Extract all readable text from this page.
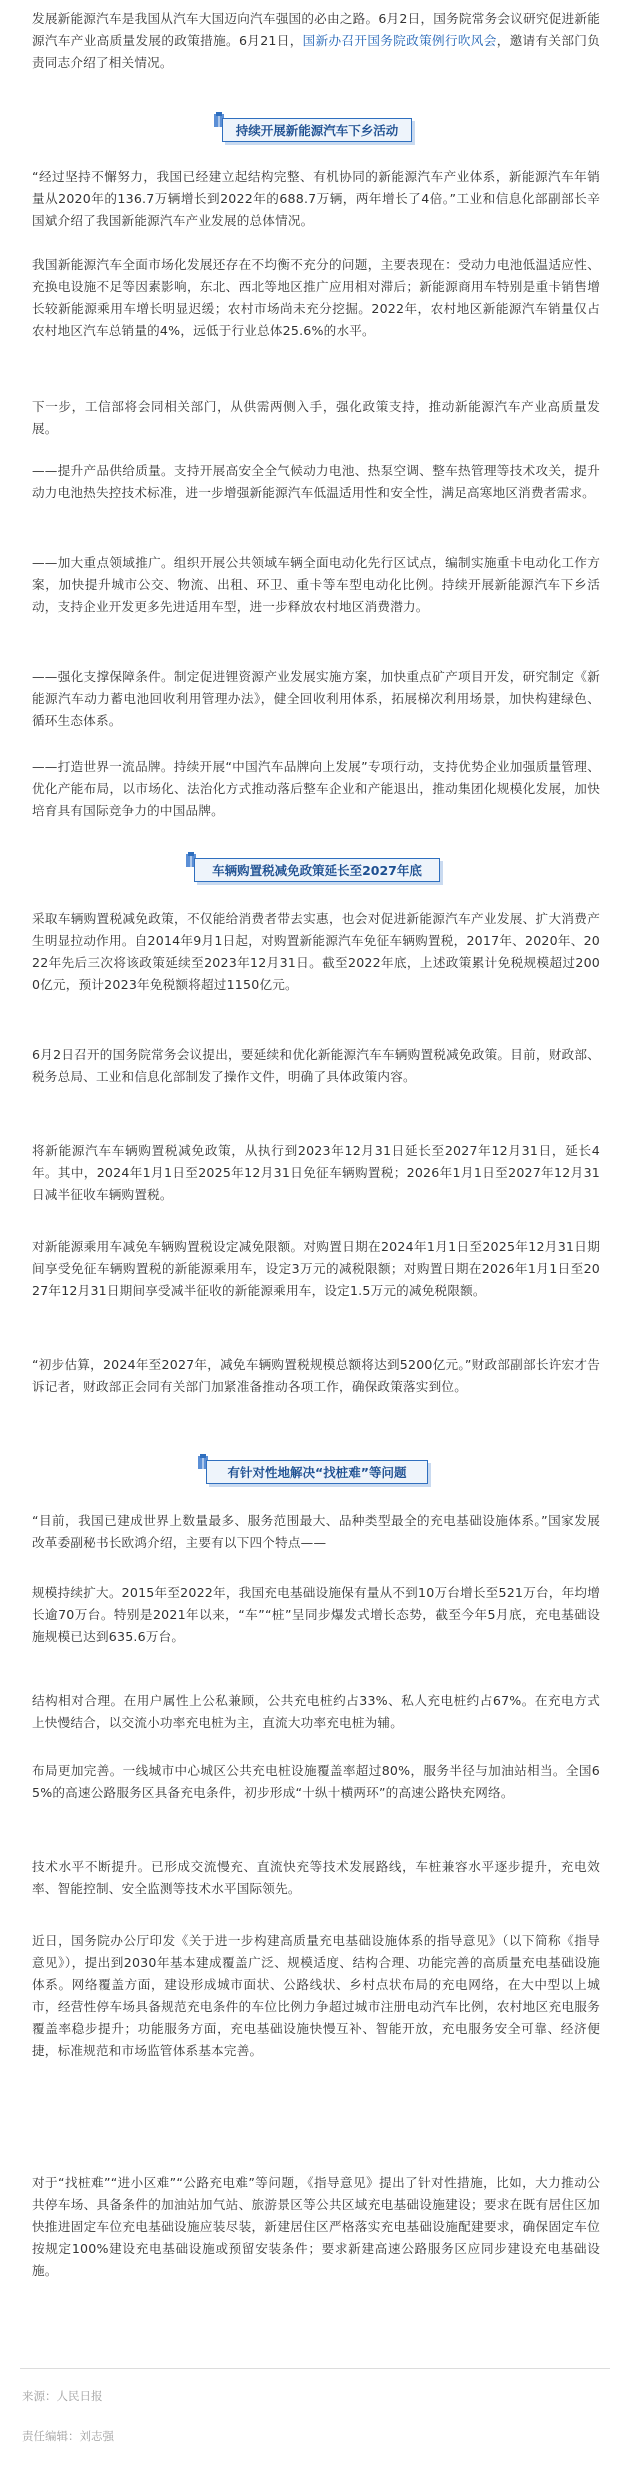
发展新能源汽车是我国从汽车大国迈向汽车强国的必由之路。6月2日，国务院常务会议研究促进新能源汽车产业高质量发展的政策措施。6月21日，国新办召开国务院政策例行吹风会，邀请有关部门负责同志介绍了相关情况。

持续开展新能源汽车下乡活动

“经过坚持不懈努力，我国已经建立起结构完整、有机协同的新能源汽车产业体系，新能源汽车年销量从2020年的136.7万辆增长到2022年的688.7万辆，两年增长了4倍。”工业和信息化部副部长辛国斌介绍了我国新能源汽车产业发展的总体情况。

我国新能源汽车全面市场化发展还存在不均衡不充分的问题，主要表现在：受动力电池低温适应性、充换电设施不足等因素影响，东北、西北等地区推广应用相对滞后；新能源商用车特别是重卡销售增长较新能源乘用车增长明显迟缓；农村市场尚未充分挖掘。2022年，农村地区新能源汽车销量仅占农村地区汽车总销量的4%，远低于行业总体25.6%的水平。

下一步，工信部将会同相关部门，从供需两侧入手，强化政策支持，推动新能源汽车产业高质量发展。

——提升产品供给质量。支持开展高安全全气候动力电池、热泵空调、整车热管理等技术攻关，提升动力电池热失控技术标准，进一步增强新能源汽车低温适用性和安全性，满足高寒地区消费者需求。

——加大重点领域推广。组织开展公共领域车辆全面电动化先行区试点，编制实施重卡电动化工作方案，加快提升城市公交、物流、出租、环卫、重卡等车型电动化比例。持续开展新能源汽车下乡活动，支持企业开发更多先进适用车型，进一步释放农村地区消费潜力。

——强化支撑保障条件。制定促进锂资源产业发展实施方案，加快重点矿产项目开发，研究制定《新能源汽车动力蓄电池回收利用管理办法》，健全回收利用体系，拓展梯次利用场景，加快构建绿色、循环生态体系。

——打造世界一流品牌。持续开展“中国汽车品牌向上发展”专项行动，支持优势企业加强质量管理、优化产能布局，以市场化、法治化方式推动落后整车企业和产能退出，推动集团化规模化发展，加快培育具有国际竞争力的中国品牌。

车辆购置税减免政策延长至2027年底

采取车辆购置税减免政策，不仅能给消费者带去实惠，也会对促进新能源汽车产业发展、扩大消费产生明显拉动作用。自2014年9月1日起，对购置新能源汽车免征车辆购置税，2017年、2020年、2022年先后三次将该政策延续至2023年12月31日。截至2022年底，上述政策累计免税规模超过2000亿元，预计2023年免税额将超过1150亿元。

6月2日召开的国务院常务会议提出，要延续和优化新能源汽车车辆购置税减免政策。目前，财政部、税务总局、工业和信息化部制发了操作文件，明确了具体政策内容。

将新能源汽车车辆购置税减免政策，从执行到2023年12月31日延长至2027年12月31日，延长4年。其中，2024年1月1日至2025年12月31日免征车辆购置税；2026年1月1日至2027年12月31日减半征收车辆购置税。

对新能源乘用车减免车辆购置税设定减免限额。对购置日期在2024年1月1日至2025年12月31日期间享受免征车辆购置税的新能源乘用车，设定3万元的减税限额；对购置日期在2026年1月1日至2027年12月31日期间享受减半征收的新能源乘用车，设定1.5万元的减免税限额。

“初步估算，2024年至2027年，减免车辆购置税规模总额将达到5200亿元。”财政部副部长许宏才告诉记者，财政部正会同有关部门加紧准备推动各项工作，确保政策落实到位。

有针对性地解决“找桩难”等问题

“目前，我国已建成世界上数量最多、服务范围最大、品种类型最全的充电基础设施体系。”国家发展改革委副秘书长欧鸿介绍，主要有以下四个特点——

规模持续扩大。2015年至2022年，我国充电基础设施保有量从不到10万台增长至521万台，年均增长逾70万台。特别是2021年以来，“车”“桩”呈同步爆发式增长态势，截至今年5月底，充电基础设施规模已达到635.6万台。

结构相对合理。在用户属性上公私兼顾，公共充电桩约占33%、私人充电桩约占67%。在充电方式上快慢结合，以交流小功率充电桩为主，直流大功率充电桩为辅。

布局更加完善。一线城市中心城区公共充电桩设施覆盖率超过80%，服务半径与加油站相当。全国65%的高速公路服务区具备充电条件，初步形成“十纵十横两环”的高速公路快充网络。

技术水平不断提升。已形成交流慢充、直流快充等技术发展路线，车桩兼容水平逐步提升，充电效率、智能控制、安全监测等技术水平国际领先。

近日，国务院办公厅印发《关于进一步构建高质量充电基础设施体系的指导意见》（以下简称《指导意见》），提出到2030年基本建成覆盖广泛、规模适度、结构合理、功能完善的高质量充电基础设施体系。网络覆盖方面，建设形成城市面状、公路线状、乡村点状布局的充电网络，在大中型以上城市，经营性停车场具备规范充电条件的车位比例力争超过城市注册电动汽车比例，农村地区充电服务覆盖率稳步提升；功能服务方面，充电基础设施快慢互补、智能开放，充电服务安全可靠、经济便捷，标准规范和市场监管体系基本完善。

对于“找桩难”“进小区难”“公路充电难”等问题，《指导意见》提出了针对性措施，比如，大力推动公共停车场、具备条件的加油站加气站、旅游景区等公共区域充电基础设施建设；要求在既有居住区加快推进固定车位充电基础设施应装尽装，新建居住区严格落实充电基础设施配建要求，确保固定车位按规定100%建设充电基础设施或预留安装条件；要求新建高速公路服务区应同步建设充电基础设施。

来源：人民日报
责任编辑：刘志强
